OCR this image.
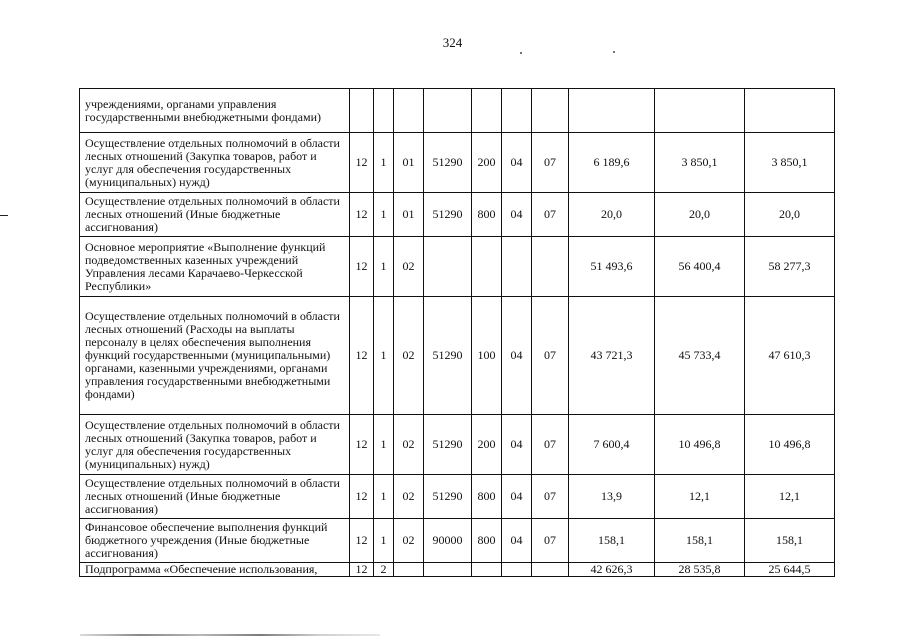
324
учреждениями, органами управления государственными внебюджетными фондами)										
Осуществление отдельных полномочий в области лесных отношений (Закупка товаров, работ и услуг для обеспечения государственных (муниципальных) нужд)	12	1	01	51290	200	04	07	6 189,6	3 850,1	3 850,1
Осуществление отдельных полномочий в области лесных отношений (Иные бюджетные ассигнования)	12	1	01	51290	800	04	07	20,0	20,0	20,0
Основное мероприятие «Выполнение функций подведомственных казенных учреждений Управления лесами Карачаево-Черкесской Республики»	12	1	02					51 493,6	56 400,4	58 277,3
Осуществление отдельных полномочий в области лесных отношений (Расходы на выплаты персоналу в целях обеспечения выполнения функций государственными (муниципальными) органами, казенными учреждениями, органами управления государственными внебюджетными фондами)	12	1	02	51290	100	04	07	43 721,3	45 733,4	47 610,3
Осуществление отдельных полномочий в области лесных отношений (Закупка товаров, работ и услуг для обеспечения государственных (муниципальных) нужд)	12	1	02	51290	200	04	07	7 600,4	10 496,8	10 496,8
Осуществление отдельных полномочий в области лесных отношений (Иные бюджетные ассигнования)	12	1	02	51290	800	04	07	13,9	12,1	12,1
Финансовое обеспечение выполнения функций бюджетного учреждения (Иные бюджетные ассигнования)	12	1	02	90000	800	04	07	158,1	158,1	158,1
Подпрограмма «Обеспечение использования,	12	2						42 626,3	28 535,8	25 644,5
